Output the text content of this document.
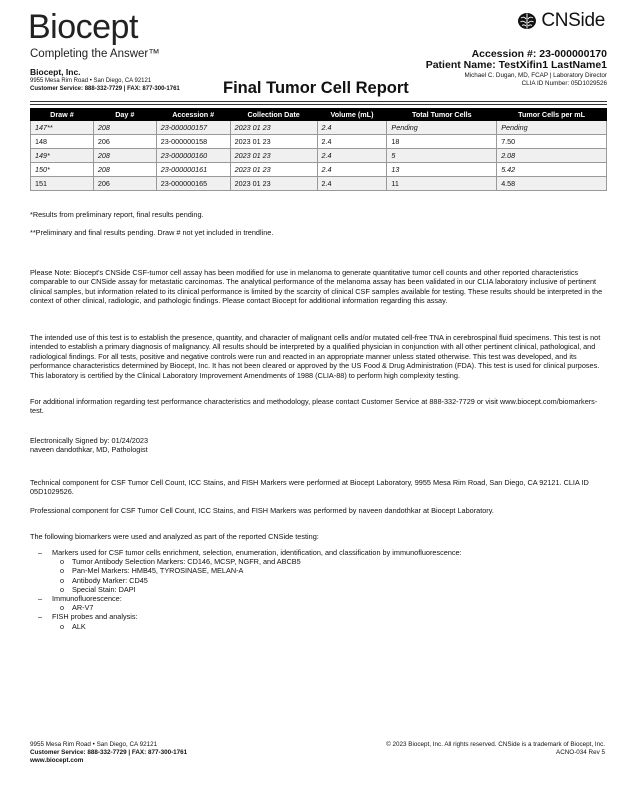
Biocept
Completing the Answer™
Biocept, Inc.
9955 Mesa Rim Road • San Diego, CA 92121
Customer Service: 888-332-7729 | FAX: 877-300-1761	Final Tumor Cell Report
CNSide
Accession #: 23-000000170
Patient Name: TestXifin1 LastName1
Michael C. Dugan, MD, FCAP | Laboratory Director
CLIA ID Number: 05D1029526
Draw #	Day #	Accession #	Collection Date	Volume (mL)	Total Tumor Cells	Tumor Cells per mL
147**	208	23-000000157	2023 01 23	2.4	Pending	Pending
148	206	23-000000158	2023 01 23	2.4	18	7.50
149*	208	23-000000160	2023 01 23	2.4	5	2.08
150*	208	23-000000161	2023 01 23	2.4	13	5.42
151	206	23-000000165	2023 01 23	2.4	11	4.58
*Results from preliminary report, final results pending.
**Preliminary and final results pending. Draw # not yet included in trendline.
Please Note: Biocept's CNSide CSF-tumor cell assay has been modified for use in melanoma to generate quantitative tumor cell counts and other reported characteristics comparable to our CNSide assay for metastatic carcinomas. The analytical performance of the melanoma assay has been validated in our CLIA laboratory inclusive of pertinent clinical samples, but information related to its clinical performance is limited by the scarcity of clinical CSF samples available for testing. These results should be interpreted in the context of other clinical, radiologic, and pathologic findings. Please contact Biocept for additional information regarding this assay.
The intended use of this test is to establish the presence, quantity, and character of malignant cells and/or mutated cell-free TNA in cerebrospinal fluid specimens. This test is not intended to establish a primary diagnosis of malignancy. All results should be interpreted by a qualified physician in conjunction with all other pertinent clinical, pathological, and radiological findings. For all tests, positive and negative controls were run and reacted in an appropriate manner unless stated otherwise. This test was developed, and its performance characteristics determined by Biocept, Inc. It has not been cleared or approved by the US Food & Drug Administration (FDA). This test is used for clinical purposes. This laboratory is certified by the Clinical Laboratory Improvement Amendments of 1988 (CLIA-88) to perform high complexity testing.
For additional information regarding test performance characteristics and methodology, please contact Customer Service at 888-332-7729 or visit www.biocept.com/biomarkers-test.
Electronically Signed by: 01/24/2023
naveen dandothkar, MD, Pathologist
Technical component for CSF Tumor Cell Count, ICC Stains, and FISH Markers were performed at Biocept Laboratory, 9955 Mesa Rim Road, San Diego, CA 92121. CLIA ID 05D1029526.
Professional component for CSF Tumor Cell Count, ICC Stains, and FISH Markers was performed by naveen dandothkar at Biocept Laboratory.
The following biomarkers were used and analyzed as part of the reported CNSide testing:
–	Markers used for CSF tumor cells enrichment, selection, enumeration, identification, and classification by immunofluorescence:
o	Tumor Antibody Selection Markers: CD146, MCSP, NGFR, and ABCB5
o	Pan-Mel Markers: HMB45, TYROSINASE, MELAN-A
o	Antibody Marker: CD45
o	Special Stain: DAPI
–	Immunofluorescence:
o	AR-V7
–	FISH probes and analysis:
o	ALK
9955 Mesa Rim Road • San Diego, CA 92121
Customer Service: 888-332-7729 | FAX: 877-300-1761
www.biocept.com
© 2023 Biocept, Inc. All rights reserved. CNSide is a trademark of Biocept, Inc.
ACNO-034 Rev 5
